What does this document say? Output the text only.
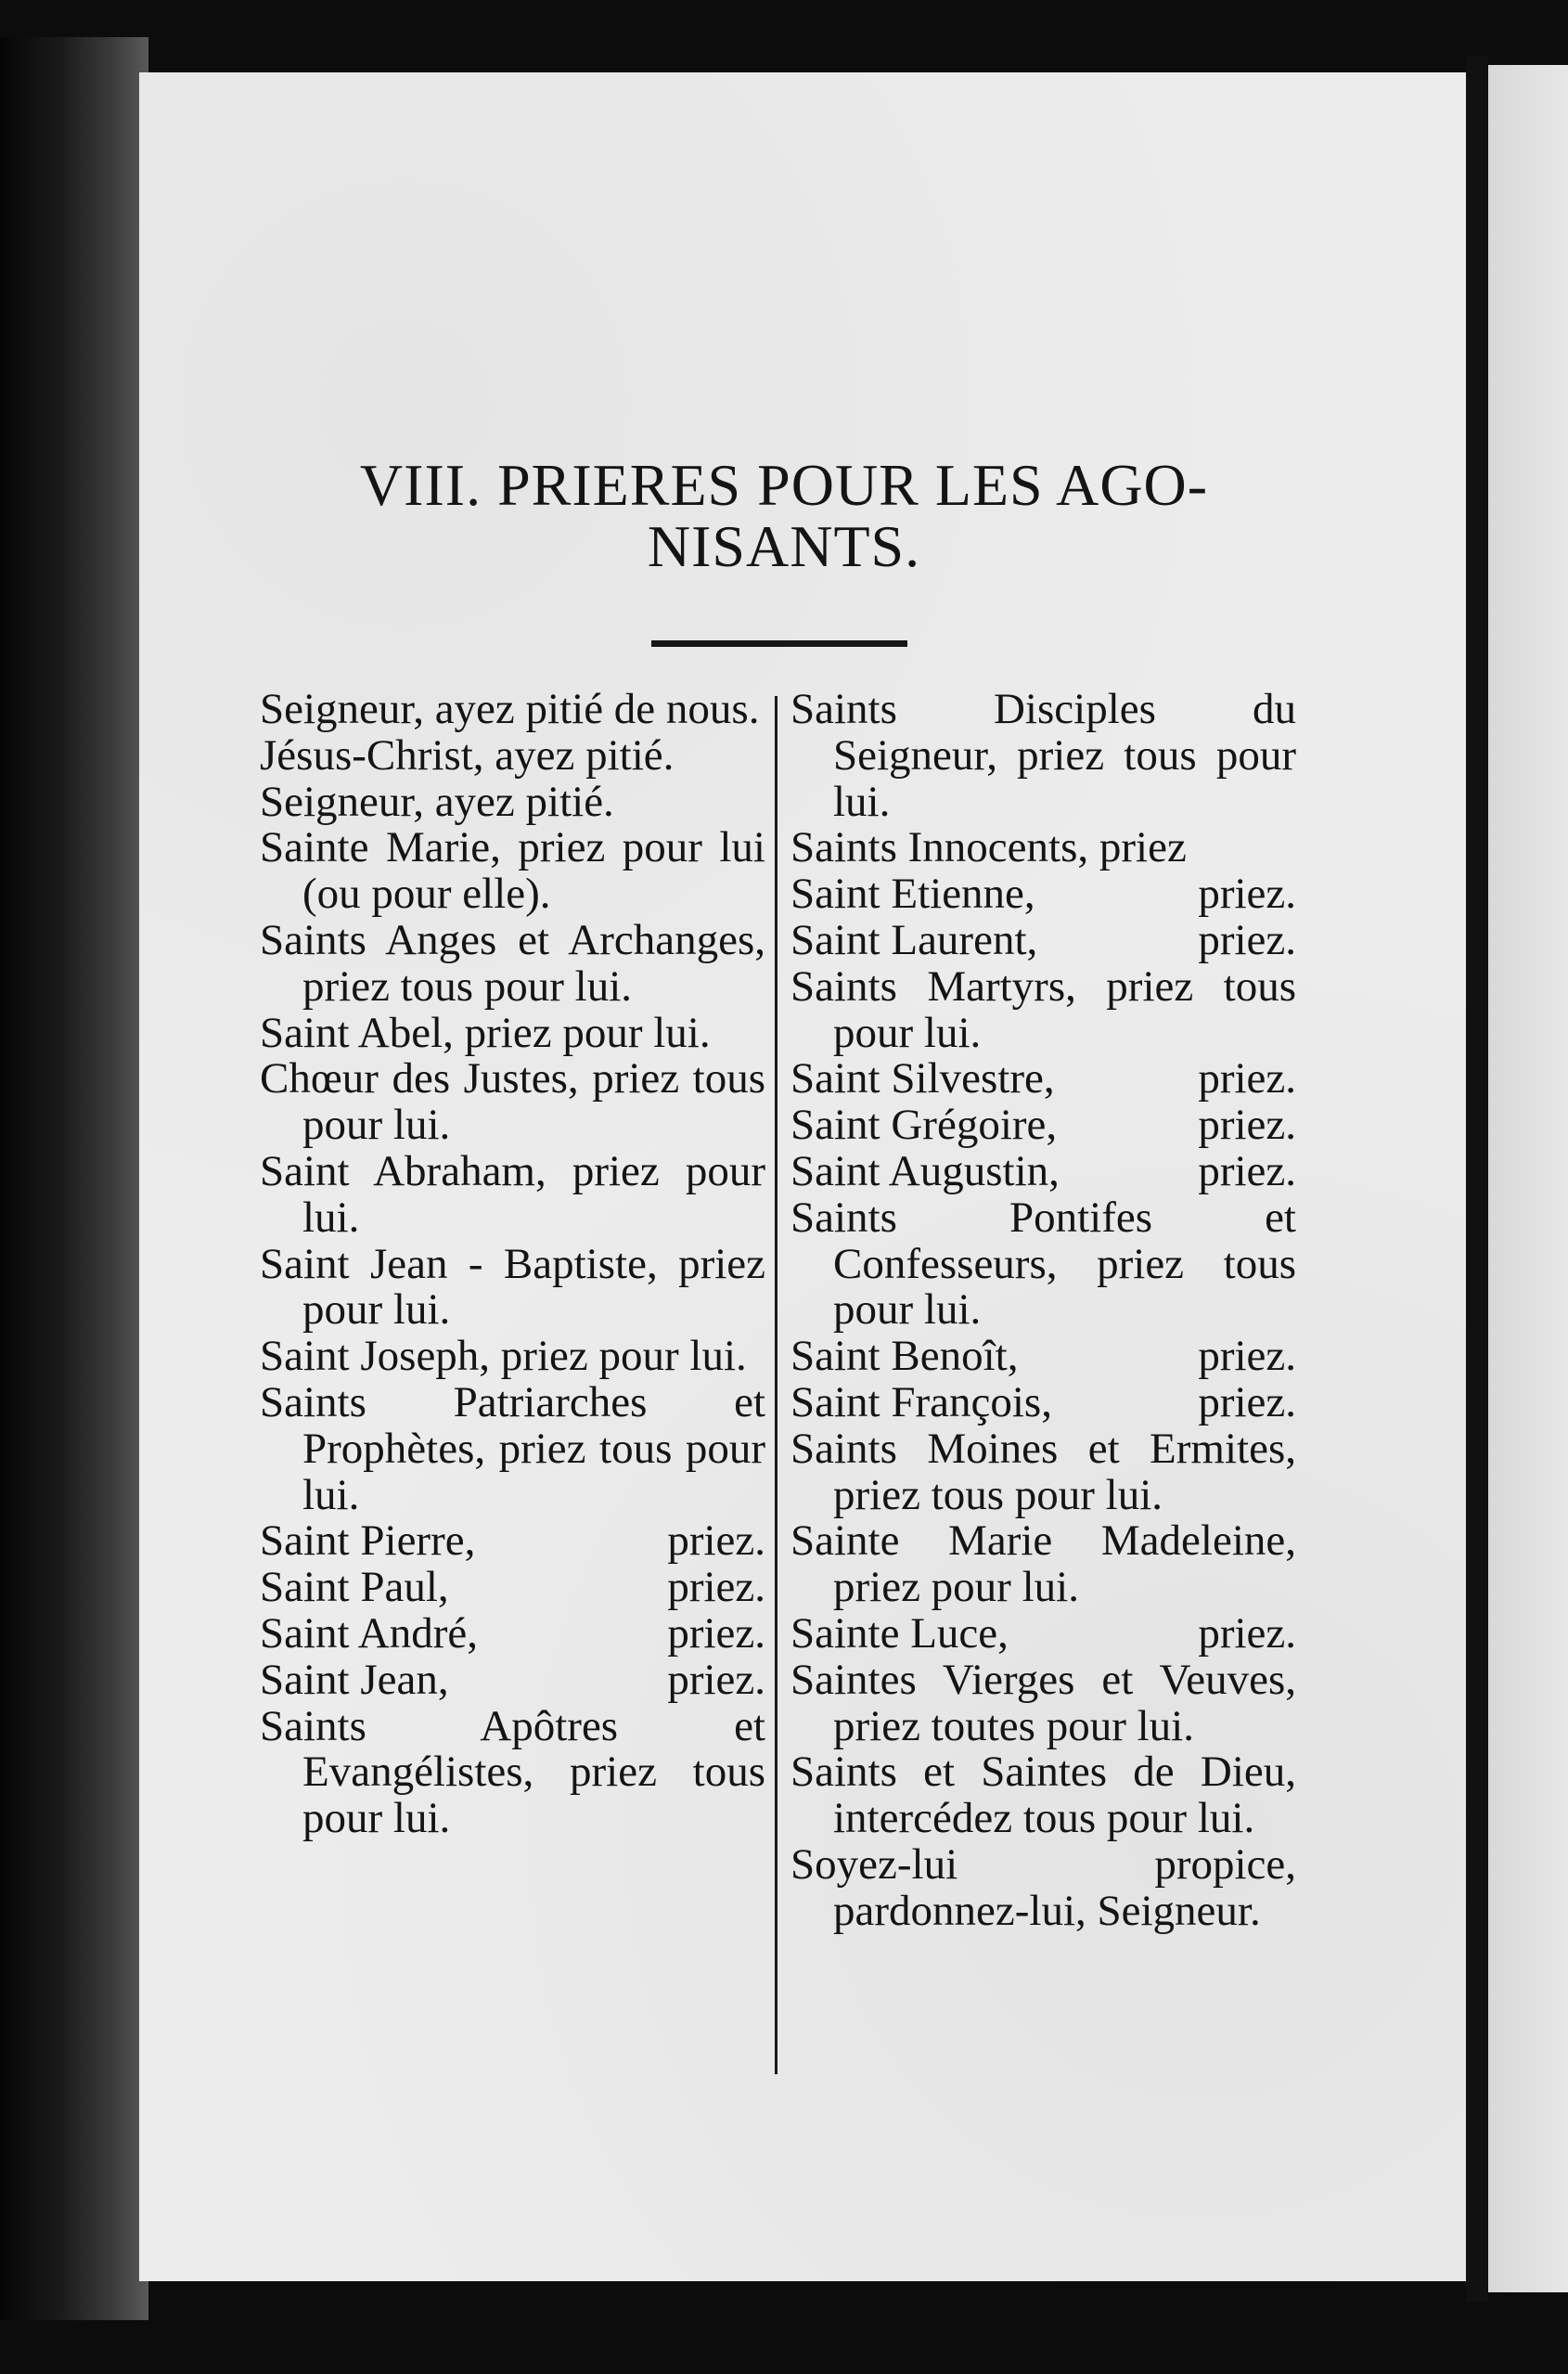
VIII. PRIERES POUR LES AGO-
NISANTS.
Seigneur, ayez pitié de nous.
Jésus-Christ, ayez pitié.
Seigneur, ayez pitié.
Sainte Marie, priez pour lui (ou pour elle).
Saints Anges et Archanges, priez tous pour lui.
Saint Abel, priez pour lui.
Chœur des Justes, priez tous pour lui.
Saint Abraham, priez pour lui.
Saint Jean - Baptiste, priez pour lui.
Saint Joseph, priez pour lui.
Saints Patriarches et Prophètes, priez tous pour lui.
priez.
Saint Pierre,
priez.
Saint Paul,
priez.
Saint André,
priez.
Saint Jean,
Saints Apôtres et Evangélistes, priez tous pour lui.
Saints Disciples du Seigneur, priez tous pour lui.
Saints Innocents, priez
priez.
Saint Etienne,
priez.
Saint Laurent,
Saints Martyrs, priez tous pour lui.
priez.
Saint Silvestre,
priez.
Saint Grégoire,
priez.
Saint Augustin,
Saints Pontifes et Confesseurs, priez tous pour lui.
priez.
Saint Benoît,
priez.
Saint François,
Saints Moines et Ermites, priez tous pour lui.
Sainte Marie Madeleine, priez pour lui.
priez.
Sainte Luce,
Saintes Vierges et Veuves, priez toutes pour lui.
Saints et Saintes de Dieu, intercédez tous pour lui.
Soyez-lui propice, pardonnez-lui, Seigneur.
